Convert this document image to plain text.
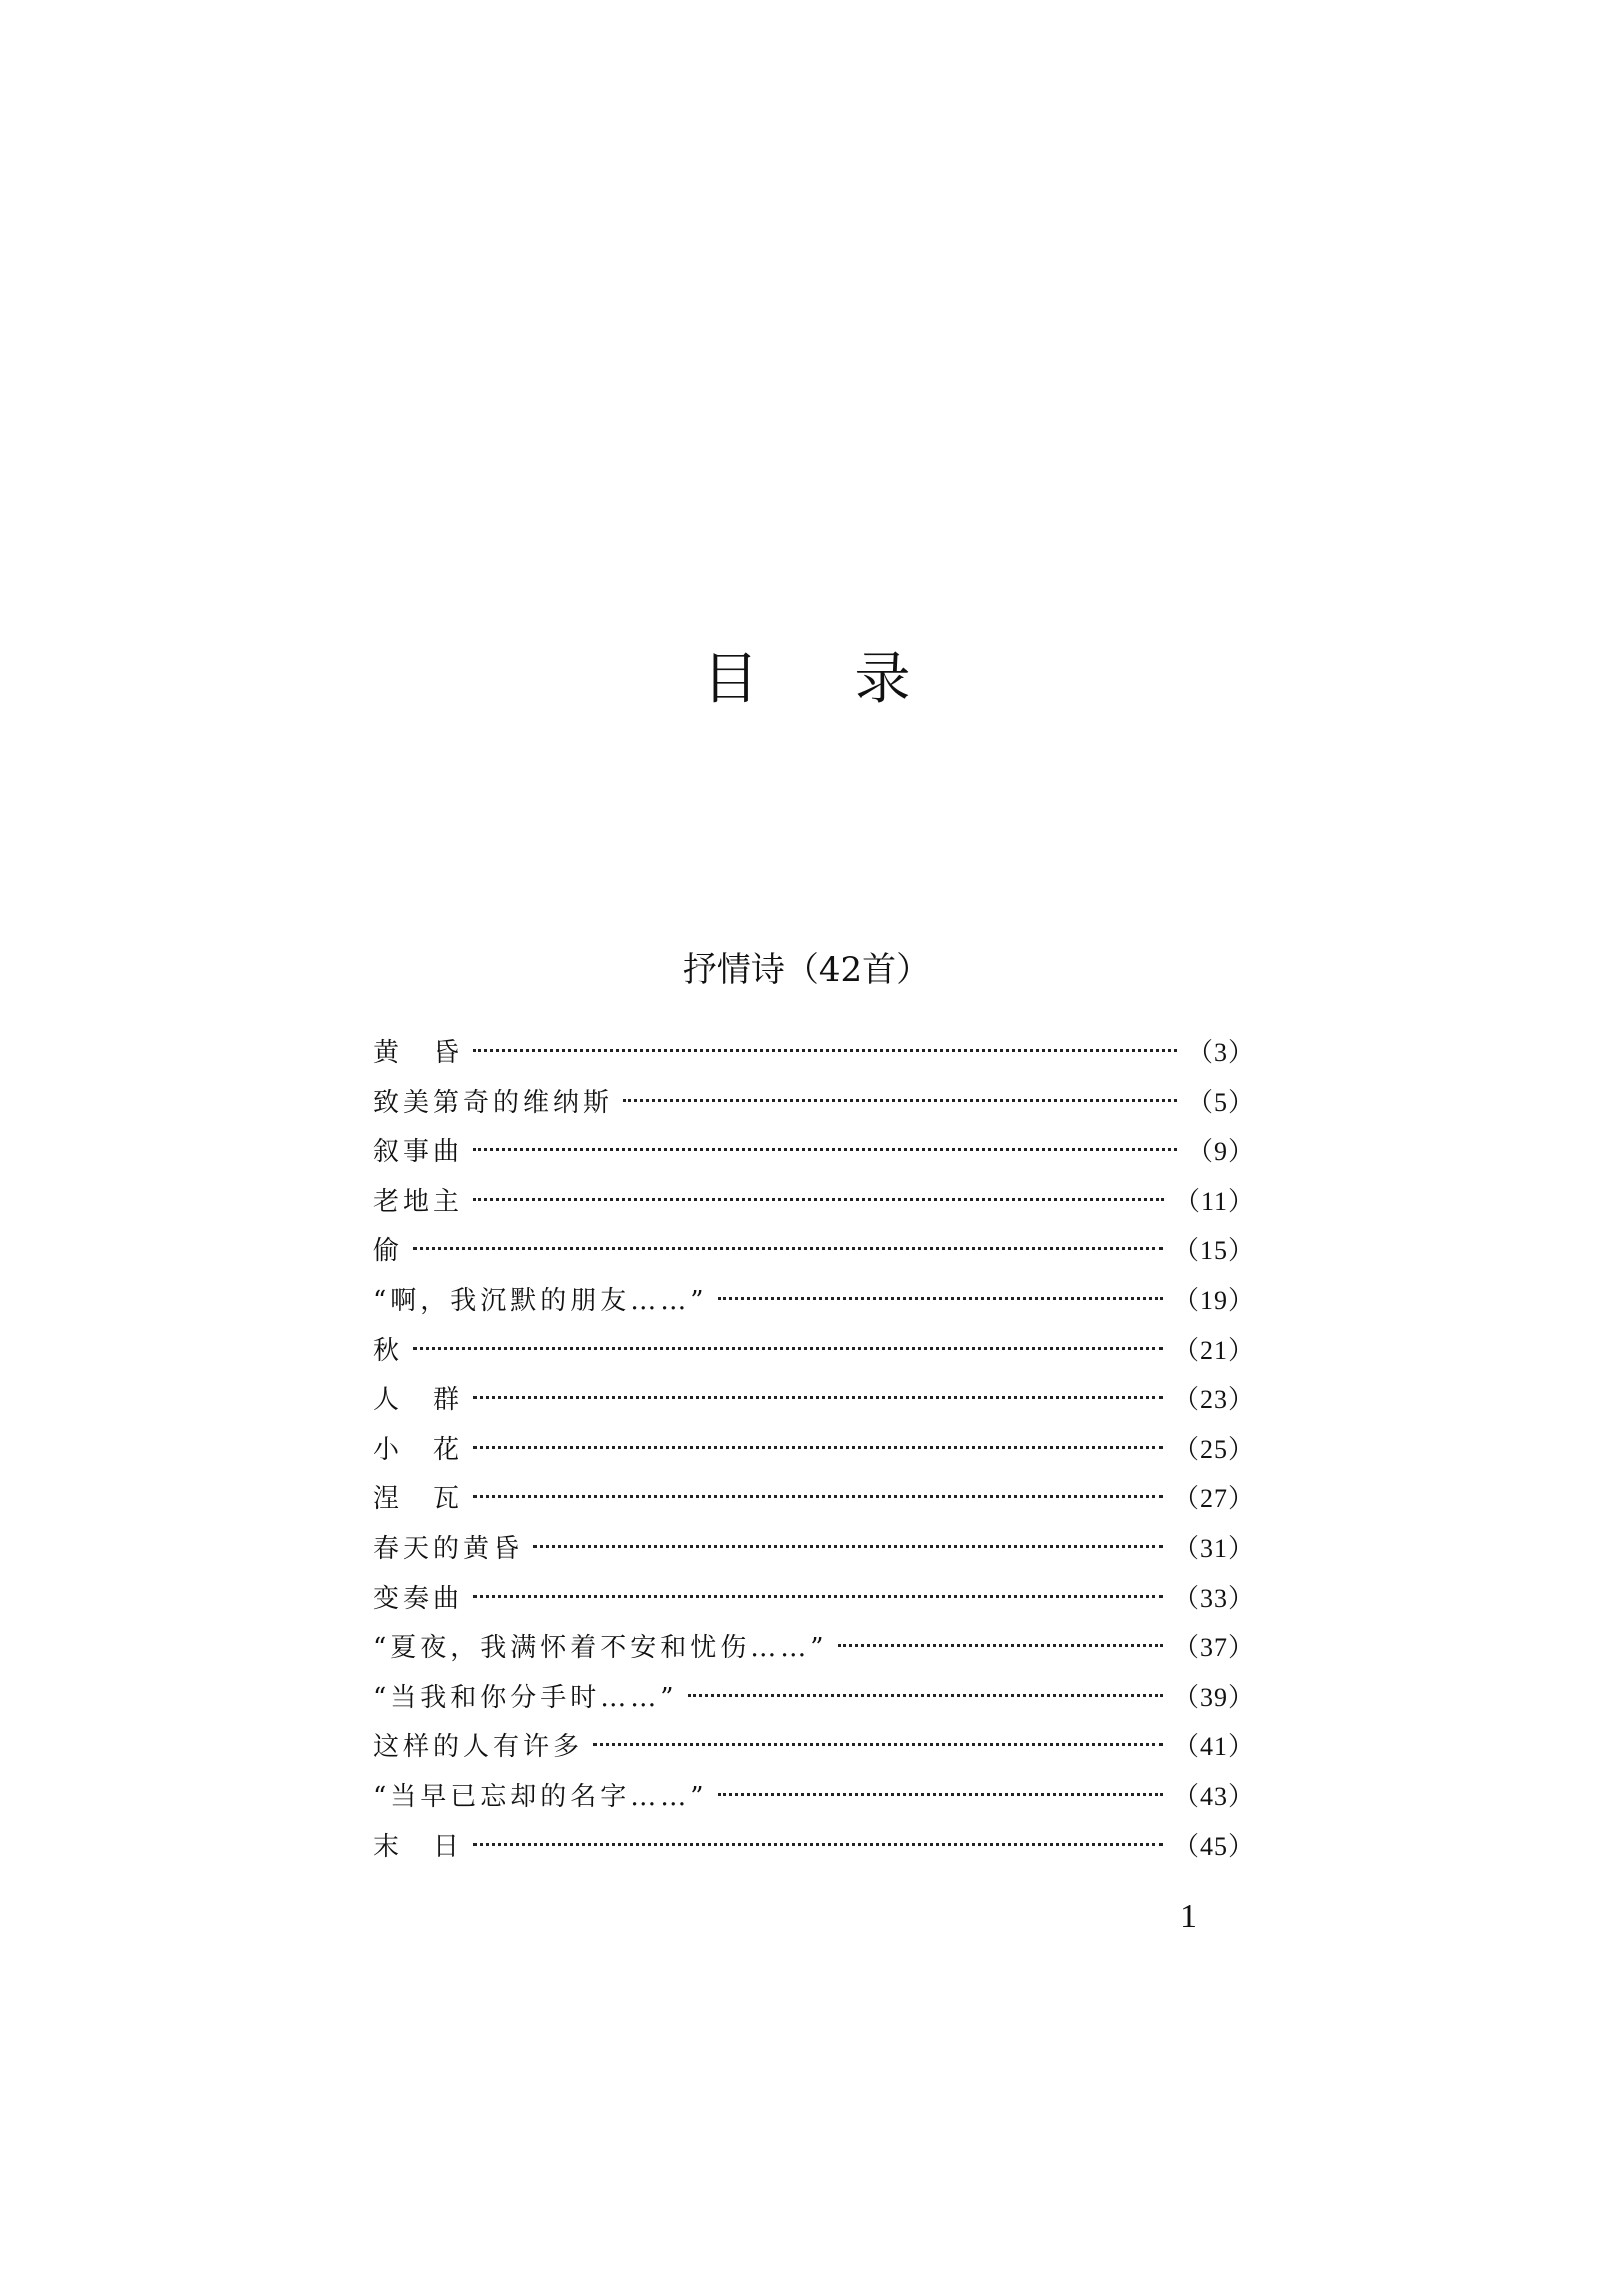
目录
抒情诗（42首）
黄　昏	（3）
致美第奇的维纳斯	（5）
叙事曲	（9）
老地主	（11）
偷	（15）
“啊，我沉默的朋友……”	（19）
秋	（21）
人　群	（23）
小　花	（25）
涅　瓦	（27）
春天的黄昏	（31）
变奏曲	（33）
“夏夜，我满怀着不安和忧伤……”	（37）
“当我和你分手时……”	（39）
这样的人有许多	（41）
“当早已忘却的名字……”	（43）
末　日	（45）
1
